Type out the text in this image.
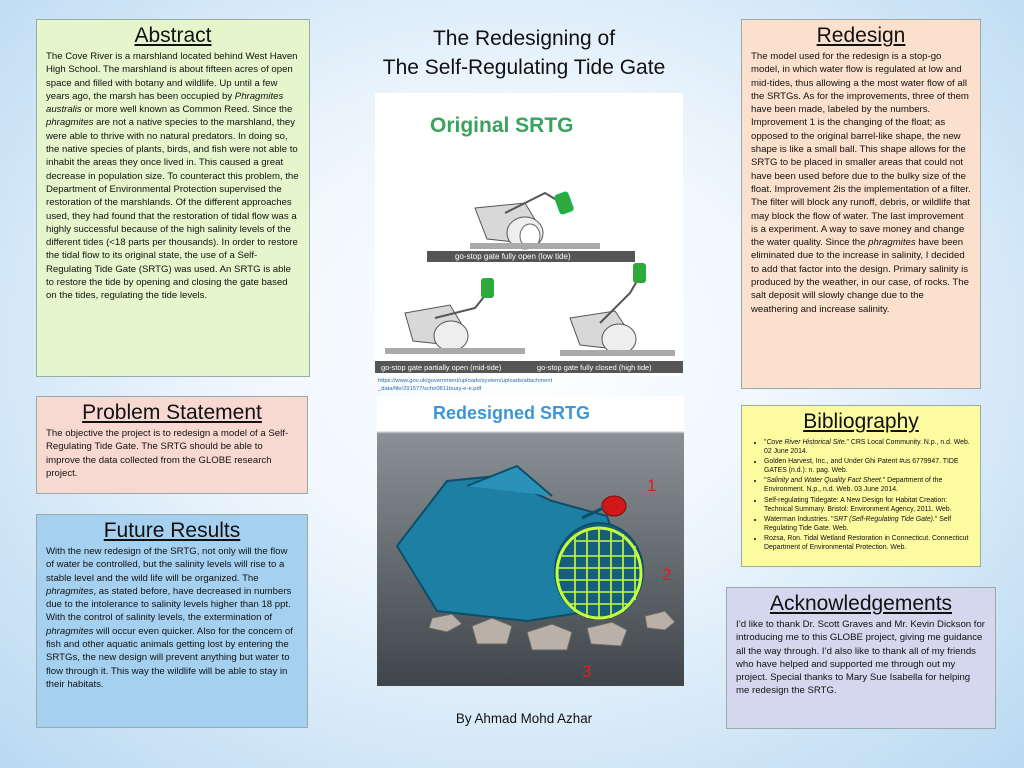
The Redesigning of
The Self-Regulating Tide Gate
Abstract

The Cove River is a marshland located behind West Haven High School. The marshland is about fifteen acres of open space and filled with botany and wildlife. Up until a few years ago, the marsh has been occupied by Phragmites australis or more well known as Common Reed. Since the phragmites are not a native species to the marshland, they were able to thrive with no natural predators. In doing so, the native species of plants, birds, and fish were not able to inhabit the areas they once lived in. This caused a great decrease in population size. To counteract this problem, the Department of Environmental Protection supervised the restoration of the marshlands. Of the different approaches used, they had found that the restoration of tidal flow was a highly successful because of the high salinity levels of the different tides (<18 parts per thousands). In order to restore the tidal flow to its original state, the use of a Self-Regulating Tide Gate (SRTG) was used. An SRTG is able to restore the tide by opening and closing the gate based on the tides, regulating the tide levels.

Problem Statement

The objective the project is to redesign a model of a Self-Regulating Tide Gate. The SRTG should be able to improve the data collected from the GLOBE research project.

Future Results

With the new redesign of the SRTG, not only will the flow of water be controlled, but the salinity levels will rise to a stable level and the wild life will be organized. The phragmites, as stated before, have decreased in numbers due to the intolerance to salinity levels higher than 18 ppt. With the control of salinity levels, the extermination of phragmites will occur even quicker. Also for the concern of fish and other aquatic animals getting lost by entering the SRTGs, the new design will prevent anything but water to flow through it. This way the wildlife will be able to stay in their habitats.

Redesign

The model used for the redesign is a stop-go model, in which water flow is regulated at low and mid-tides, thus allowing a the most water flow of all the SRTGs. As for the improvements, three of them have been made, labeled by the numbers. Improvement 1 is the changing of the float; as opposed to the original barrel-like shape, the new shape is like a small ball. This shape allows for the SRTG to be placed in smaller areas that could not have been used before due to the bulky size of the float. Improvement 2is the implementation of a filter. The filter will block any runoff, debris, or wildlife that may block the flow of water. The last improvement is a experiment. A way to save money and change the water quality. Since the phragmites have been eliminated due to the increase in salinity, I decided to add that factor into the design. Primary salinity is produced by the weather, in our case, of rocks. The salt deposit will slowly change due to the weathering and increase salinity.

Bibliography
• "Cove River Historical Site." CRS Local Community. N.p., n.d. Web. 02 June 2014.
• Golden Harvest, Inc., and Under Ghi Patent #us 6779947. TIDE GATES (n.d.): n. pag. Web.
• "Salinity and Water Quality Fact Sheet." Department of the Environment. N.p., n.d. Web. 03 June 2014.
• Self-regulating Tidegate: A New Design for Habitat Creation: Technical Summary. Bristol: Environment Agency, 2011. Web.
• Waterman Industries. "SRT (Self-Regulating Tide Gate)." Self Regulating Tide Gate. Web.
• Rozsa, Ron. Tidal Wetland Restoration in Connecticut. Connecticut Department of Environmental Protection. Web.
Acknowledgements

I’d like to thank Dr. Scott Graves and Mr. Kevin Dickson for introducing me to this GLOBE project, giving me guidance all the way through. I’d also like to thank all of my friends who have helped and supported me through out my project. Special thanks to Mary Sue Isabella for helping me redesign the SRTG.

Original SRTG
go-stop gate fully open (low tide)
go-stop gate partially open (mid-tide)	go-stop gate fully closed (high tide)
https://www.gov.uk/government/uploads/system/uploads/attachment_data/file/291577/scho0811buay-e-e.pdf
Redesigned SRTG
1
2
3
By Ahmad Mohd Azhar
